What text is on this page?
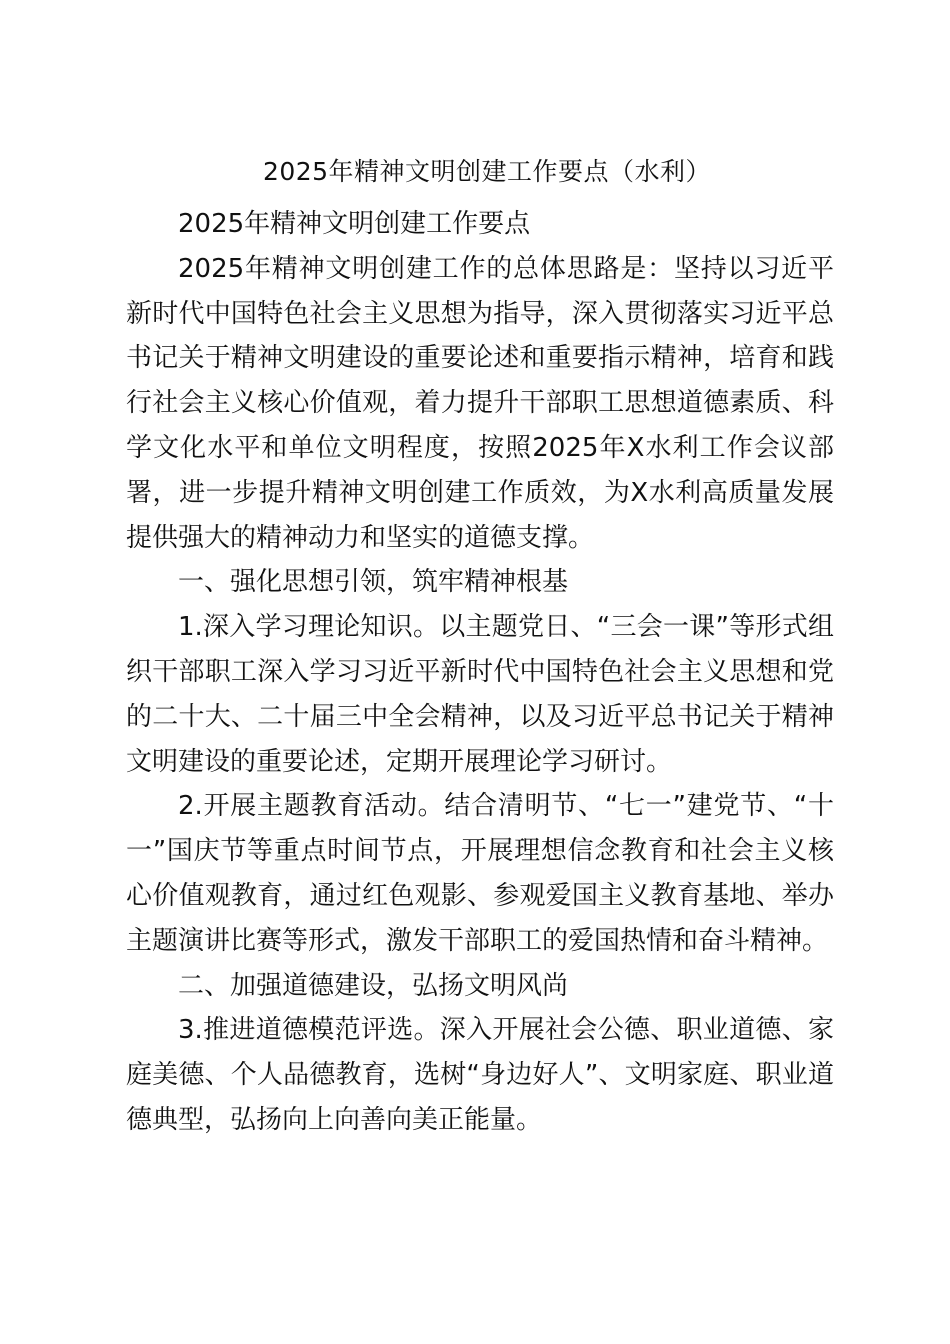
2025年精神文明创建工作要点（水利）

2025年精神文明创建工作要点

2025年精神文明创建工作的总体思路是：坚持以习近平新时代中国特色社会主义思想为指导，深入贯彻落实习近平总书记关于精神文明建设的重要论述和重要指示精神，培育和践行社会主义核心价值观，着力提升干部职工思想道德素质、科学文化水平和单位文明程度，按照2025年X水利工作会议部署，进一步提升精神文明创建工作质效，为X水利高质量发展提供强大的精神动力和坚实的道德支撑。

一、强化思想引领，筑牢精神根基

1.深入学习理论知识。以主题党日、“三会一课”等形式组织干部职工深入学习习近平新时代中国特色社会主义思想和党的二十大、二十届三中全会精神，以及习近平总书记关于精神文明建设的重要论述，定期开展理论学习研讨。

2.开展主题教育活动。结合清明节、“七一”建党节、“十一”国庆节等重点时间节点，开展理想信念教育和社会主义核心价值观教育，通过红色观影、参观爱国主义教育基地、举办主题演讲比赛等形式，激发干部职工的爱国热情和奋斗精神。

二、加强道德建设，弘扬文明风尚

3.推进道德模范评选。深入开展社会公德、职业道德、家庭美德、个人品德教育，选树“身边好人”、文明家庭、职业道德典型，弘扬向上向善向美正能量。
